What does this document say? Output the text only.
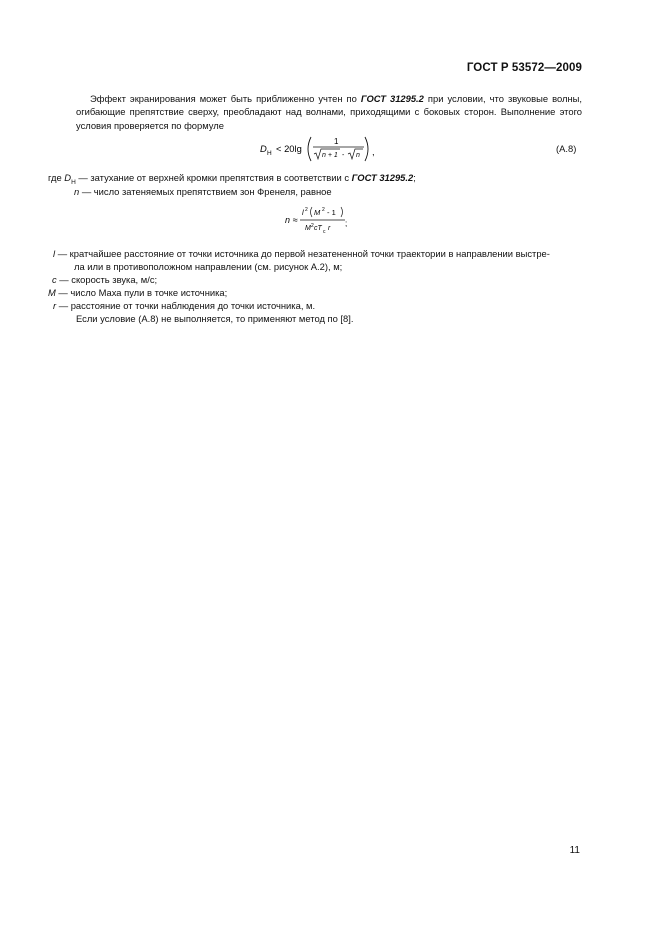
ГОСТ Р 53572—2009
Эффект экранирования может быть приближенно учтен по ГОСТ 31295.2 при условии, что звуковые волны, огибающие препятствие сверху, преобладают над волнами, приходящими с боковых сторон. Выполнение этого условия проверяется по формуле
D H < 20lg
1
n + 1 - n ,	(А.8)
где $D_H$ — затухание от верхней кромки препятствия в соответствии с ГОСТ 31295.2;
n — число затеняемых препятствием зон Френеля, равное
n ≈
l 2 M 2 - 1
M 2 cT c r
;
l — кратчайшее расстояние от точки источника до первой незатененной точки траектории в направлении выстре-
ла или в противоположном направлении (см. рисунок А.2), м;
c — скорость звука, м/с;
M — число Маха пули в точке источника;
r — расстояние от точки наблюдения до точки источника, м.
Если условие (А.8) не выполняется, то применяют метод по [8].
11
